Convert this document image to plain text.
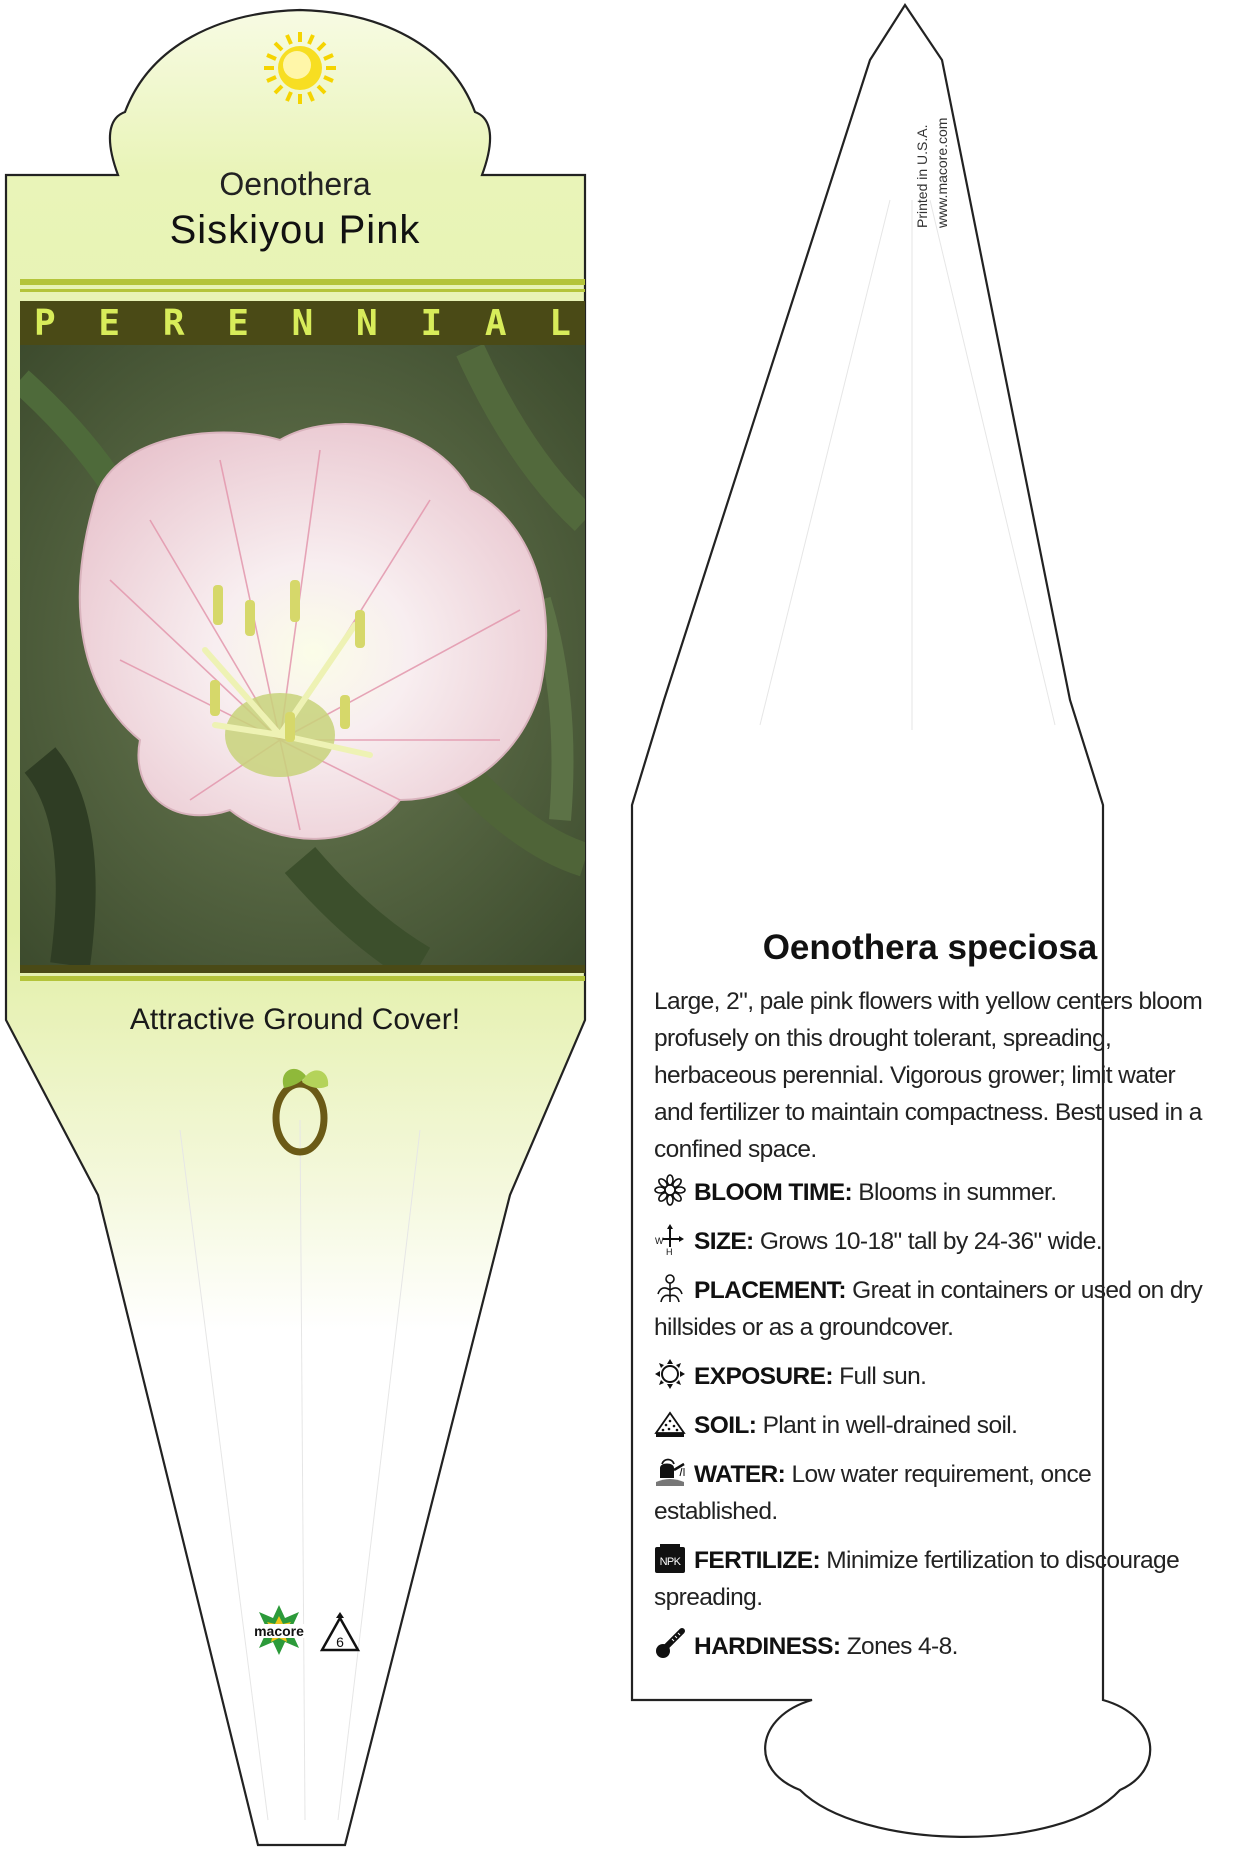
macore
6
Oenothera
Siskiyou Pink
P E R E N N I A L
Attractive Ground Cover!
Printed in U.S.A. www.macore.com
Oenothera speciosa

Large, 2", pale pink flowers with yellow centers bloom profusely on this drought tolerant, spreading, herbaceous perennial. Vigorous grower; limit water and fertilizer to maintain compactness. Best used in a confined space.

BLOOM TIME: Blooms in summer.

W
H SIZE: Grows 10-18" tall by 24-36" wide.

PLACEMENT: Great in containers or used on dry hillsides or as a groundcover.

EXPOSURE: Full sun.

SOIL: Plant in well-drained soil.

WATER: Low water requirement, once established.

NPK FERTILIZE: Minimize fertilization to discourage spreading.

HARDINESS: Zones 4-8.
